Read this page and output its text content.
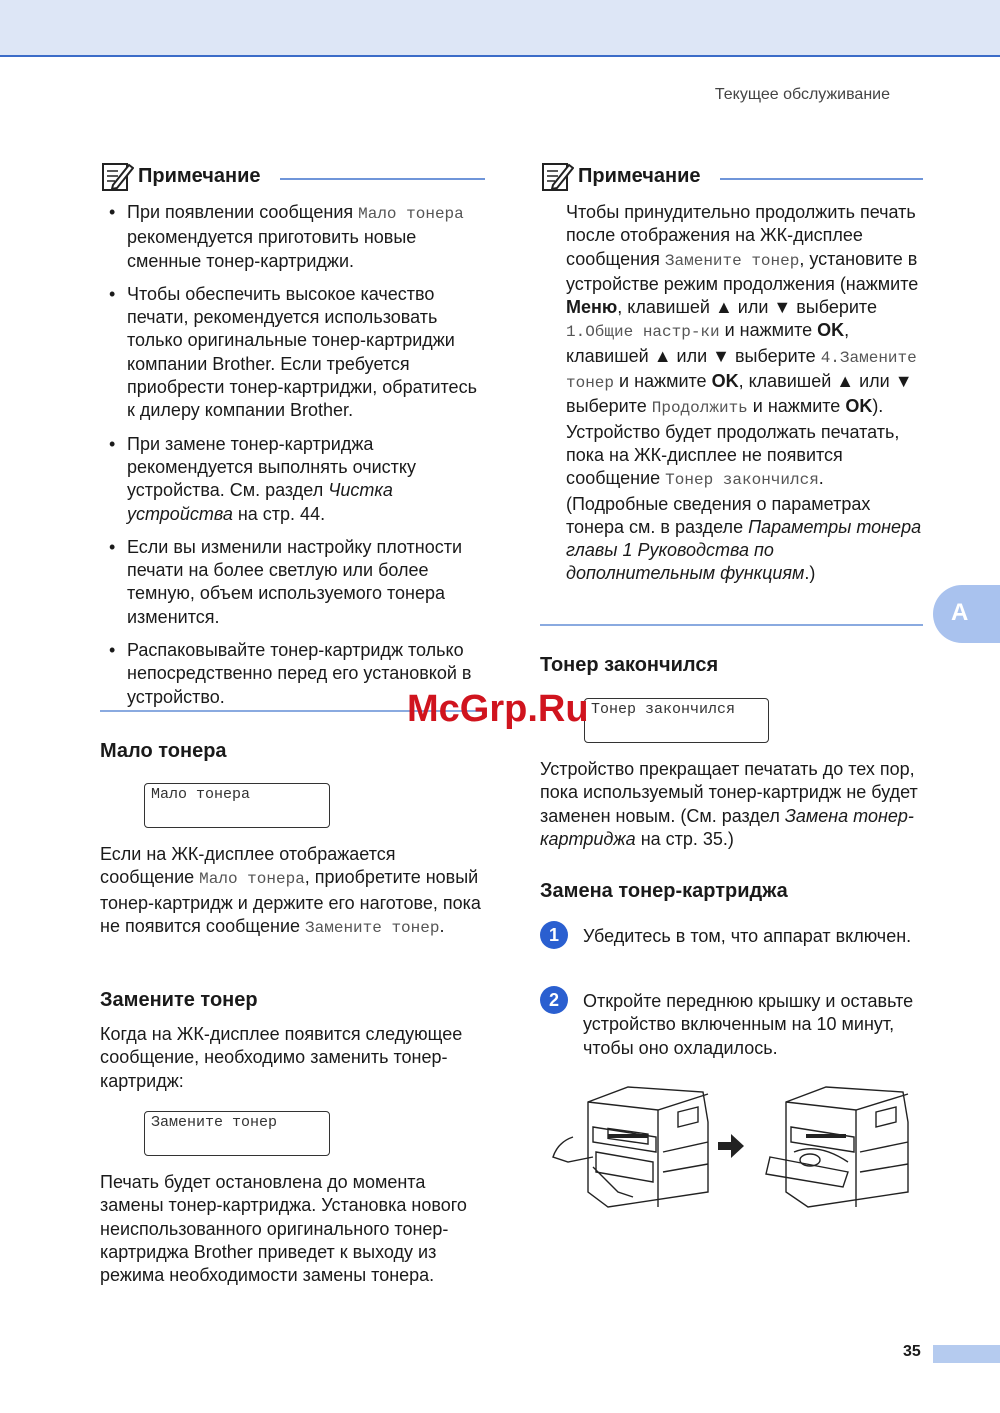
Текущее обслуживание
Примечание
• При появлении сообщения Мало тонера рекомендуется приготовить новые сменные тонер-картриджи.
• Чтобы обеспечить высокое качество печати, рекомендуется использовать только оригинальные тонер-картриджи компании Brother. Если требуется приобрести тонер-картриджи, обратитесь к дилеру компании Brother.
• При замене тонер-картриджа рекомендуется выполнять очистку устройства. См. раздел Чистка устройства на стр. 44.
• Если вы изменили настройку плотности печати на более светлую или более темную, объем используемого тонера изменится.
• Распаковывайте тонер-картридж только непосредственно перед его установкой в устройство.
Мало тонера
Мало тонера
Если на ЖК-дисплее отображается сообщение Мало тонера, приобретите новый тонер-картридж и держите его наготове, пока не появится сообщение Замените тонер.
Замените тонер
Когда на ЖК-дисплее появится следующее сообщение, необходимо заменить тонер-картридж:
Замените тонер
Печать будет остановлена до момента замены тонер-картриджа. Установка нового неиспользованного оригинального тонер-картриджа Brother приведет к выходу из режима необходимости замены тонера.
Примечание
Чтобы принудительно продолжить печать после отображения на ЖК-дисплее сообщения Замените тонер, установите в устройстве режим продолжения (нажмите Меню, клавишей ▲ или ▼ выберите 1.Общие настр-ки и нажмите OK, клавишей ▲ или ▼ выберите 4.Замените тонер и нажмите OK, клавишей ▲ или ▼ выберите Продолжить и нажмите OK). Устройство будет продолжать печатать, пока на ЖК-дисплее не появится сообщение Тонер закончился. (Подробные сведения о параметрах тонера см. в разделе Параметры тонера главы 1 Руководства по дополнительным функциям.)
Тонер закончился
Тонер закончился
Устройство прекращает печатать до тех пор, пока используемый тонер-картридж не будет заменен новым. (См. раздел Замена тонер-картриджа на стр. 35.)
Замена тонер-картриджа
1	Убедитесь в том, что аппарат включен.
2	Откройте переднюю крышку и оставьте устройство включенным на 10 минут, чтобы оно охладилось.
A
McGrp.Ru
35
